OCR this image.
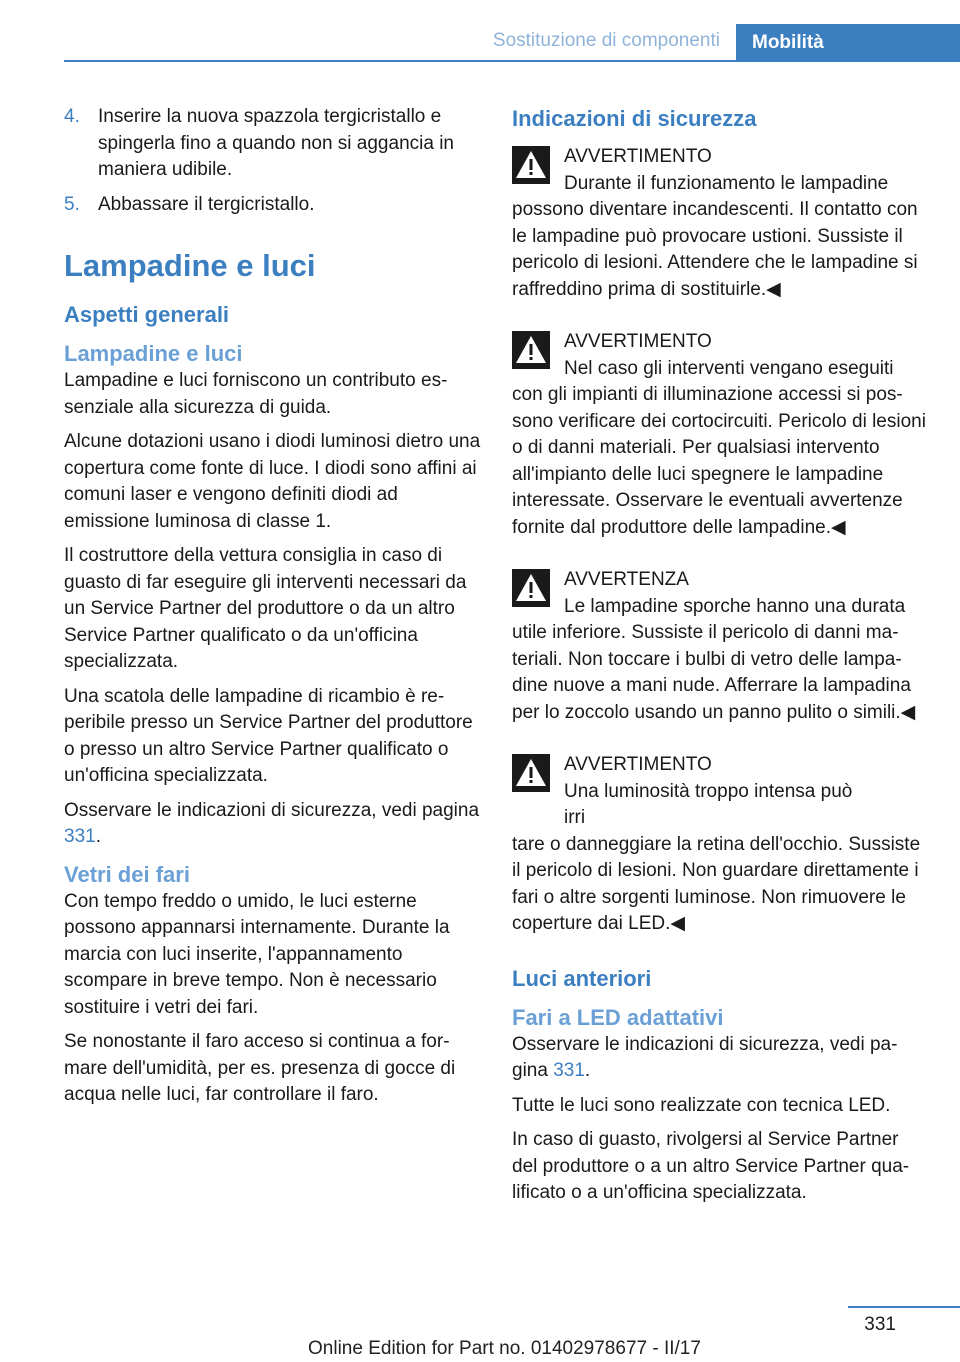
Sostituzione di componenti	Mobilità
4. Inserire la nuova spazzola tergicristallo e spingerla fino a quando non si aggancia in maniera udibile.
5. Abbassare il tergicristallo.
Lampadine e luci
Aspetti generali
Lampadine e luci

Lampadine e luci forniscono un contributo essenziale alla sicurezza di guida.

Alcune dotazioni usano i diodi luminosi dietro una copertura come fonte di luce. I diodi sono affini ai comuni laser e vengono definiti diodi ad emissione luminosa di classe 1.

Il costruttore della vettura consiglia in caso di guasto di far eseguire gli interventi necessari da un Service Partner del produttore o da un altro Service Partner qualificato o da un'officina specializzata.

Una scatola delle lampadine di ricambio è reperibile presso un Service Partner del produttore o presso un altro Service Partner qualificato o un'officina specializzata.

Osservare le indicazioni di sicurezza, vedi pagina 331.

Vetri dei fari

Con tempo freddo o umido, le luci esterne possono appannarsi internamente. Durante la marcia con luci inserite, l'appannamento scompare in breve tempo. Non è necessario sostituire i vetri dei fari.

Se nonostante il faro acceso si continua a formare dell'umidità, per es. presenza di gocce di acqua nelle luci, far controllare il faro.

Indicazioni di sicurezza
AVVERTIMENTO
Durante il funzionamento le lampadine

possono diventare incandescenti. Il contatto con le lampadine può provocare ustioni. Sussiste il pericolo di lesioni. Attendere che le lampadine si raffreddino prima di sostituirle.◀

AVVERTIMENTO
Nel caso gli interventi vengano eseguiti

con gli impianti di illuminazione accessi si possono verificare dei cortocircuiti. Pericolo di lesioni o di danni materiali. Per qualsiasi intervento all'impianto delle luci spegnere le lampadine interessate. Osservare le eventuali avvertenze fornite dal produttore delle lampadine.◀

AVVERTENZA
Le lampadine sporche hanno una durata

utile inferiore. Sussiste il pericolo di danni materiali. Non toccare i bulbi di vetro delle lampadine nuove a mani nude. Afferrare la lampadina per lo zoccolo usando un panno pulito o simili.◀

AVVERTIMENTO
Una luminosità troppo intensa può irri

tare o danneggiare la retina dell'occhio. Sussiste il pericolo di lesioni. Non guardare direttamente i fari o altre sorgenti luminose. Non rimuovere le coperture dai LED.◀

Luci anteriori
Fari a LED adattativi

Osservare le indicazioni di sicurezza, vedi pagina 331.

Tutte le luci sono realizzate con tecnica LED.

In caso di guasto, rivolgersi al Service Partner del produttore o a un altro Service Partner qualificato o a un'officina specializzata.

331
Online Edition for Part no. 01402978677 - II/17
